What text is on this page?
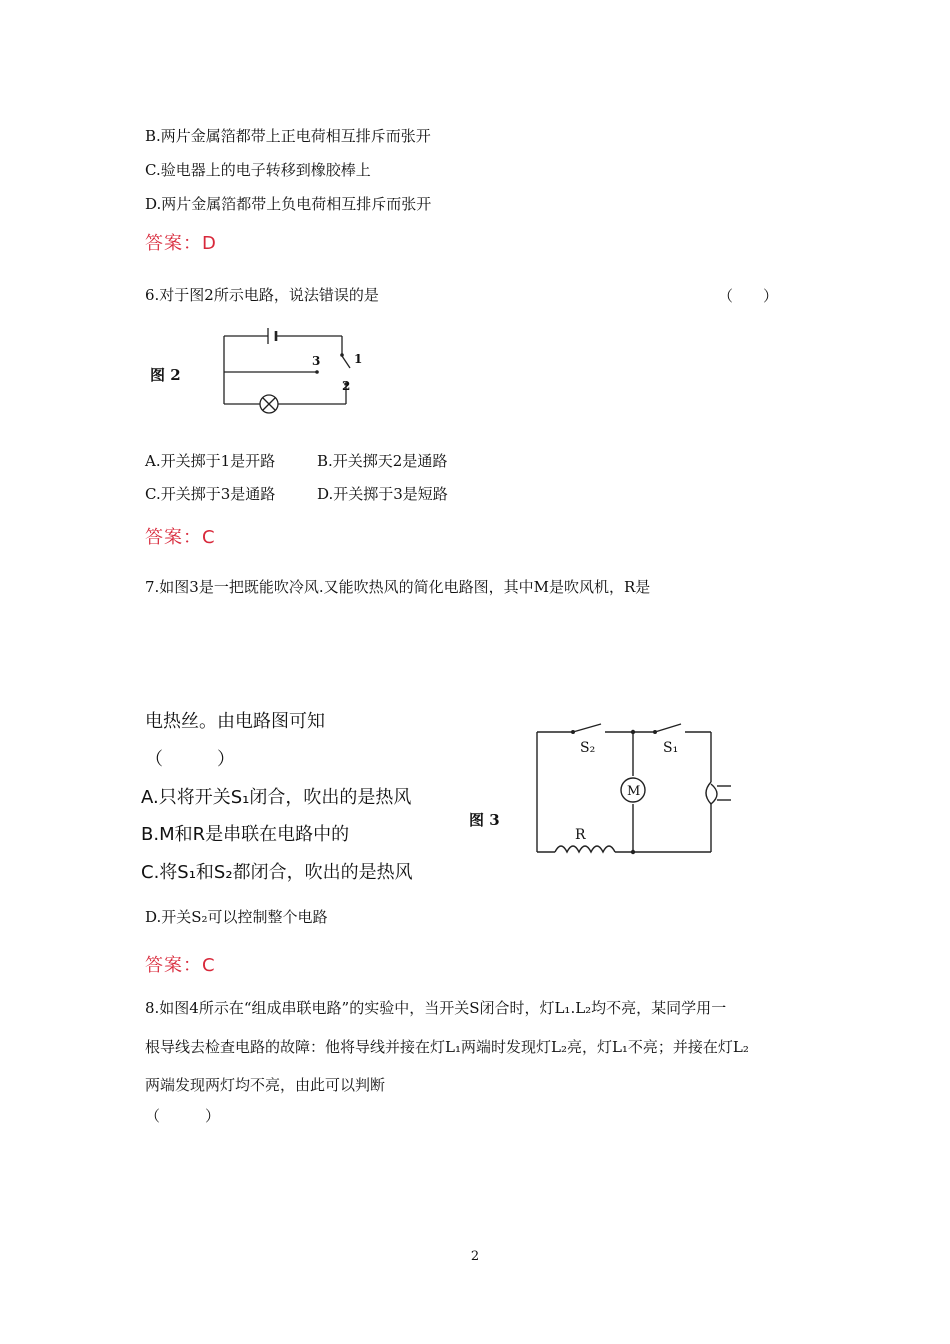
B.两片金属箔都带上正电荷相互排斥而张开
C.验电器上的电子转移到橡胶棒上
D.两片金属箔都带上负电荷相互排斥而张开
答案：D
6.对于图2所示电路，说法错误的是	（　　）
图 2
3	1
2
A.开关掷于1是开路	B.开关掷天2是通路
C.开关掷于3是通路	D.开关掷于3是短路
答案：C
7.如图3是一把既能吹冷风.又能吹热风的简化电路图，其中M是吹风机，R是
电热丝。由电路图可知
（　　　）
A.只将开关S₁闭合，吹出的是热风
B.M和R是串联在电路中的
C.将S₁和S₂都闭合，吹出的是热风
S₂	S₁
M
R
图 3
D.开关S₂可以控制整个电路
答案：C
8.如图4所示在“组成串联电路”的实验中，当开关S闭合时，灯L₁.L₂均不亮，某同学用一
根导线去检查电路的故障：他将导线并接在灯L₁两端时发现灯L₂亮，灯L₁不亮；并接在灯L₂
两端发现两灯均不亮，由此可以判断
（　　　）
2
